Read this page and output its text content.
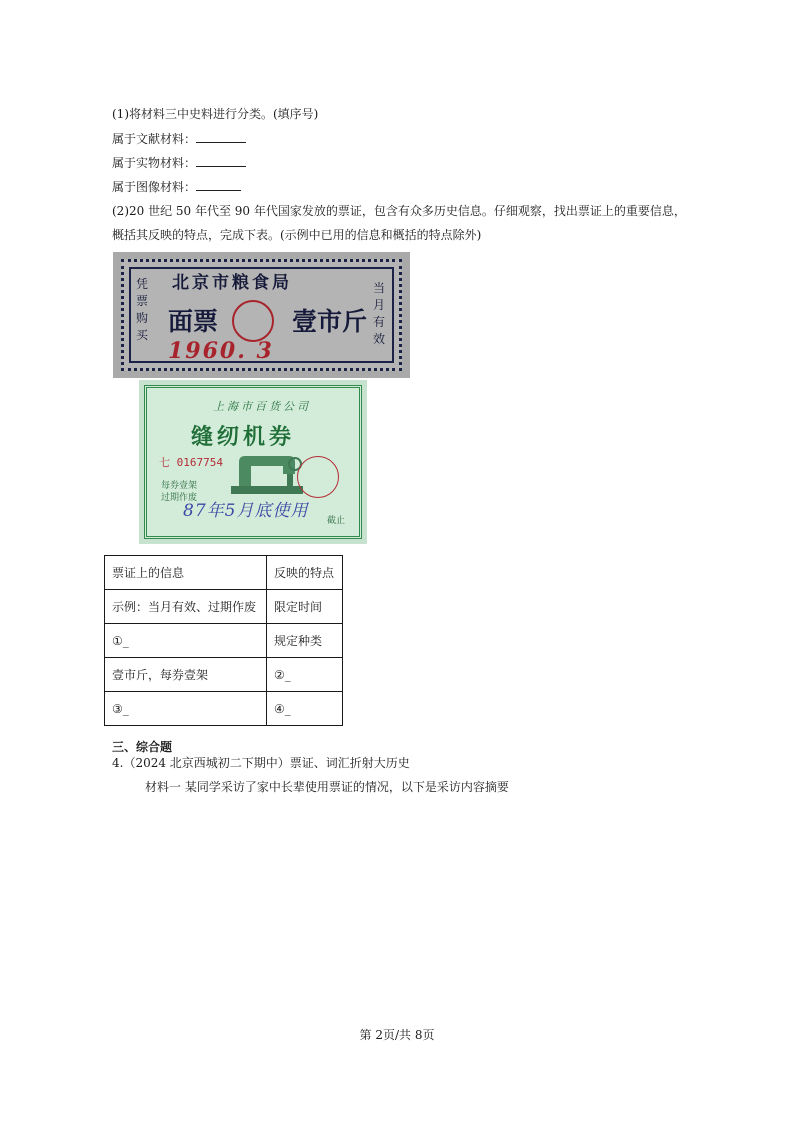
(1)将材料三中史料进行分类。(填序号)
属于文献材料：
属于实物材料：
属于图像材料：
(2)20 世纪 50 年代至 90 年代国家发放的票证，包含有众多历史信息。仔细观察，找出票证上的重要信息，
概括其反映的特点，完成下表。(示例中已用的信息和概括的特点除外)
北京市粮食局
凭票购买
当月有效
面票	壹市斤
1960. 3
上海市百货公司
缝纫机券
七 0167754
每券壹架
过期作废
87年5月底使用 截止
票证上的信息	反映的特点
示例：当月有效、过期作废	限定时间
①_	规定种类
壹市斤，每券壹架	②_
③_	④_
三、综合题
4.（2024 北京西城初二下期中）票证、词汇折射大历史
材料一 某同学采访了家中长辈使用票证的情况，以下是采访内容摘要
第 2页/共 8页
